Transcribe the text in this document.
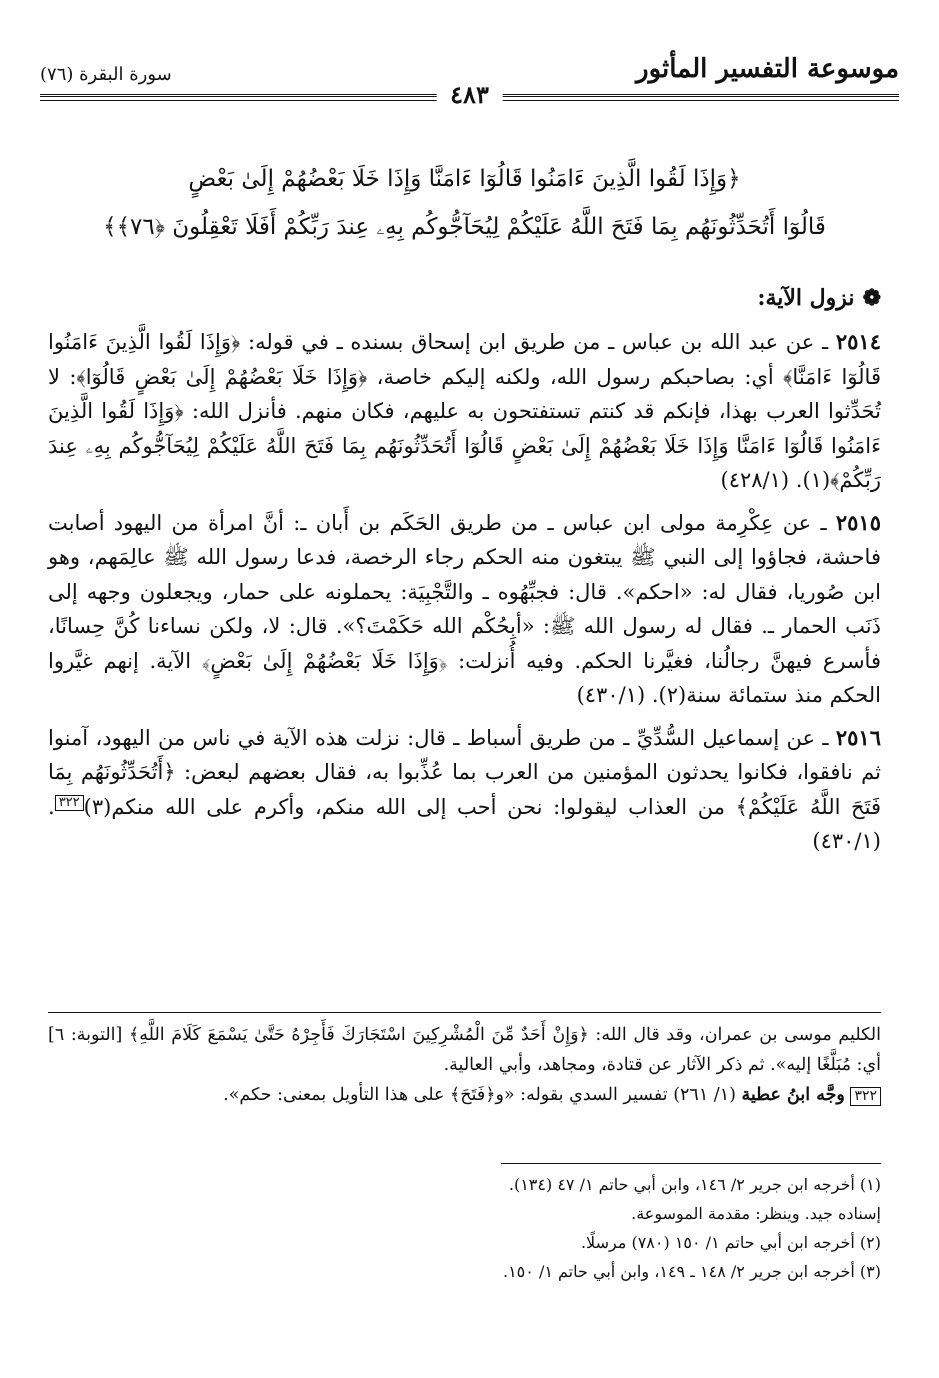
موسوعة التفسير المأثور
٤٨٣
سورة البقرة (٧٦)

﴿وَإِذَا لَقُوا الَّذِينَ ءَامَنُوا قَالُوٓا ءَامَنَّا وَإِذَا خَلَا بَعْضُهُمْ إِلَىٰ بَعْضٍ

قَالُوٓا أَتُحَدِّثُونَهُم بِمَا فَتَحَ اللَّهُ عَلَيْكُمْ لِيُحَآجُّوكُم بِهِۦ عِندَ رَبِّكُمْ أَفَلَا تَعْقِلُونَ ﴿٧٦﴾﴾

❁نزول الآية:

٢٥١٤ ـ عن عبد الله بن عباس ـ من طريق ابن إسحاق بسنده ـ في قوله: ﴿وَإِذَا لَقُوا الَّذِينَ ءَامَنُوا قَالُوٓا ءَامَنَّا﴾ أي: بصاحبكم رسول الله، ولكنه إليكم خاصة، ﴿وَإِذَا خَلَا بَعْضُهُمْ إِلَىٰ بَعْضٍ قَالُوٓا﴾: لا تُحَدِّثوا العرب بهذا، فإنكم قد كنتم تستفتحون به عليهم، فكان منهم. فأنزل الله: ﴿وَإِذَا لَقُوا الَّذِينَ ءَامَنُوا قَالُوٓا ءَامَنَّا وَإِذَا خَلَا بَعْضُهُمْ إِلَىٰ بَعْضٍ قَالُوٓا أَتُحَدِّثُونَهُم بِمَا فَتَحَ اللَّهُ عَلَيْكُمْ لِيُحَآجُّوكُم بِهِۦ عِندَ رَبِّكُمْ﴾(١). (٤٢٨/١)

٢٥١٥ ـ عن عِكْرِمة مولى ابن عباس ـ من طريق الحَكَم بن أَبان ـ: أنَّ امرأة من اليهود أصابت فاحشة، فجاؤوا إلى النبي ﷺ يبتغون منه الحكم رجاء الرخصة، فدعا رسول الله ﷺ عالِمَهم، وهو ابن صُوريا، فقال له: «احكم». قال: فجبِّهُوه ـ والتَّجْبِيَة: يحملونه على حمار، ويجعلون وجهه إلى ذَنَب الحمار ـ. فقال له رسول الله ﷺ: «أبِحُكْم الله حَكَمْتَ؟». قال: لا، ولكن نساءنا كُنَّ حِسانًا، فأسرع فيهنَّ رجالُنا، فغيَّرنا الحكم. وفيه أُنزلت: ﴿وَإِذَا خَلَا بَعْضُهُمْ إِلَىٰ بَعْضٍ﴾ الآية. إنهم غيَّروا الحكم منذ ستمائة سنة(٢). (٤٣٠/١)

٢٥١٦ ـ عن إسماعيل السُّدِّيِّ ـ من طريق أسباط ـ قال: نزلت هذه الآية في ناس من اليهود، آمنوا ثم نافقوا، فكانوا يحدثون المؤمنين من العرب بما عُذِّبوا به، فقال بعضهم لبعض: ﴿أَتُحَدِّثُونَهُم بِمَا فَتَحَ اللَّهُ عَلَيْكُمْ﴾ من العذاب ليقولوا: نحن أحب إلى الله منكم، وأكرم على الله منكم(٣)٣٢٢. (٤٣٠/١)

الكليم موسى بن عمران، وقد قال الله: ﴿وَإِنْ أَحَدٌ مِّنَ الْمُشْرِكِينَ اسْتَجَارَكَ فَأَجِرْهُ حَتَّىٰ يَسْمَعَ كَلَامَ اللَّهِ﴾ [التوبة: ٦] أي: مُبَلَّغًا إليه». ثم ذكر الآثار عن قتادة، ومجاهد، وأبي العالية.

٣٢٢ وجَّه ابنُ عطية (١/ ٢٦١) تفسير السدي بقوله: «و﴿فَتَحَ﴾ على هذا التأويل بمعنى: حكم».

(١) أخرجه ابن جرير ٢/ ١٤٦، وابن أبي حاتم ١/ ٤٧ (١٣٤).

إسناده جيد. وينظر: مقدمة الموسوعة.

(٢) أخرجه ابن أبي حاتم ١/ ١٥٠ (٧٨٠) مرسلًا.

(٣) أخرجه ابن جرير ٢/ ١٤٨ ـ ١٤٩، وابن أبي حاتم ١/ ١٥٠.
